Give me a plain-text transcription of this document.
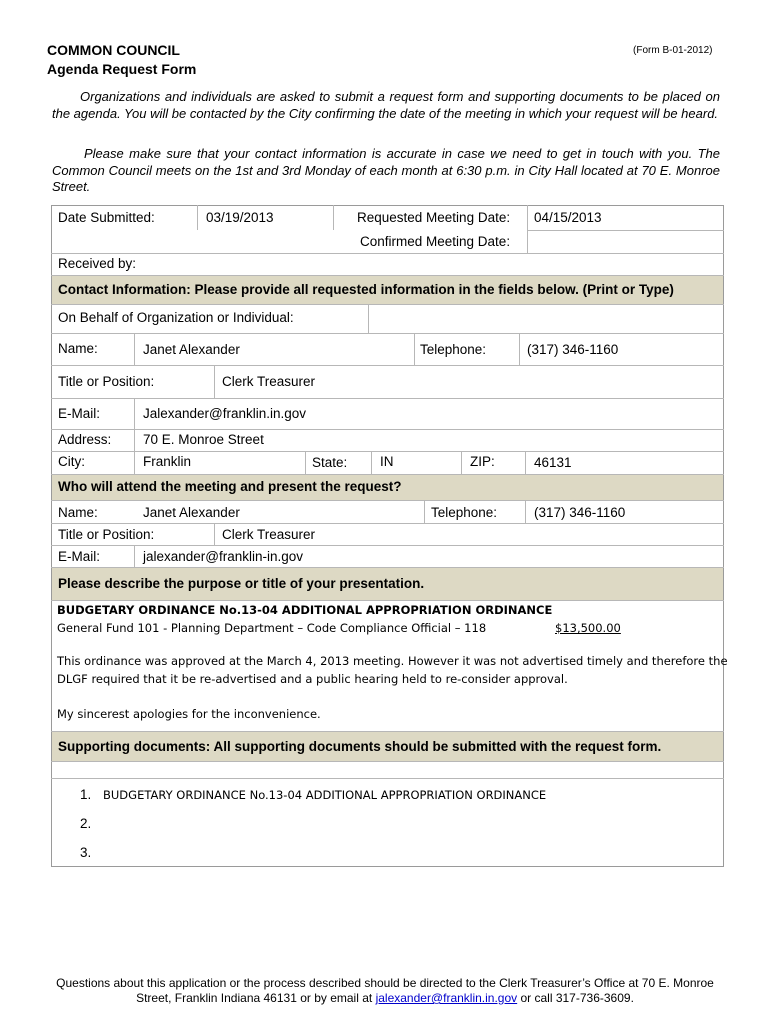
COMMON COUNCIL
Agenda Request Form
(Form B-01-2012)
Organizations and individuals are asked to submit a request form and supporting documents to be placed on the agenda. You will be contacted by the City confirming the date of the meeting in which your request will be heard.
Please make sure that your contact information is accurate in case we need to get in touch with you. The Common Council meets on the 1st and 3rd Monday of each month at 6:30 p.m. in City Hall located at 70 E. Monroe Street.
Date Submitted:	03/19/2013	Requested Meeting Date: 04/15/2013
Confirmed Meeting Date:
Received by:
Contact Information: Please provide all requested information in the fields below. (Print or Type)
On Behalf of Organization or Individual:
Name:	Janet Alexander	Telephone:	(317) 346-1160
Title or Position:	Clerk Treasurer
E-Mail:	Jalexander@franklin.in.gov
Address: 70 E. Monroe Street
City:	Franklin	State: IN	ZIP:	46131
Who will attend the meeting and present the request?
Name:	Janet Alexander	Telephone:	(317) 346-1160
Title or Position:	Clerk Treasurer
E-Mail:	jalexander@franklin-in.gov
Please describe the purpose or title of your presentation.
BUDGETARY ORDINANCE No.13-04 ADDITIONAL APPROPRIATION ORDINANCE
General Fund 101 - Planning Department – Code Compliance Official – 118	$13,500.00
This ordinance was approved at the March 4, 2013 meeting. However it was not advertised timely and therefore the
DLGF required that it be re-advertised and a public hearing held to re-consider approval.
My sincerest apologies for the inconvenience.
Supporting documents: All supporting documents should be submitted with the request form.
1. BUDGETARY ORDINANCE No.13-04 ADDITIONAL APPROPRIATION ORDINANCE
2.
3.
Questions about this application or the process described should be directed to the Clerk Treasurer’s Office at 70 E. Monroe Street, Franklin Indiana 46131 or by email at jalexander@franklin.in.gov or call 317-736-3609.
